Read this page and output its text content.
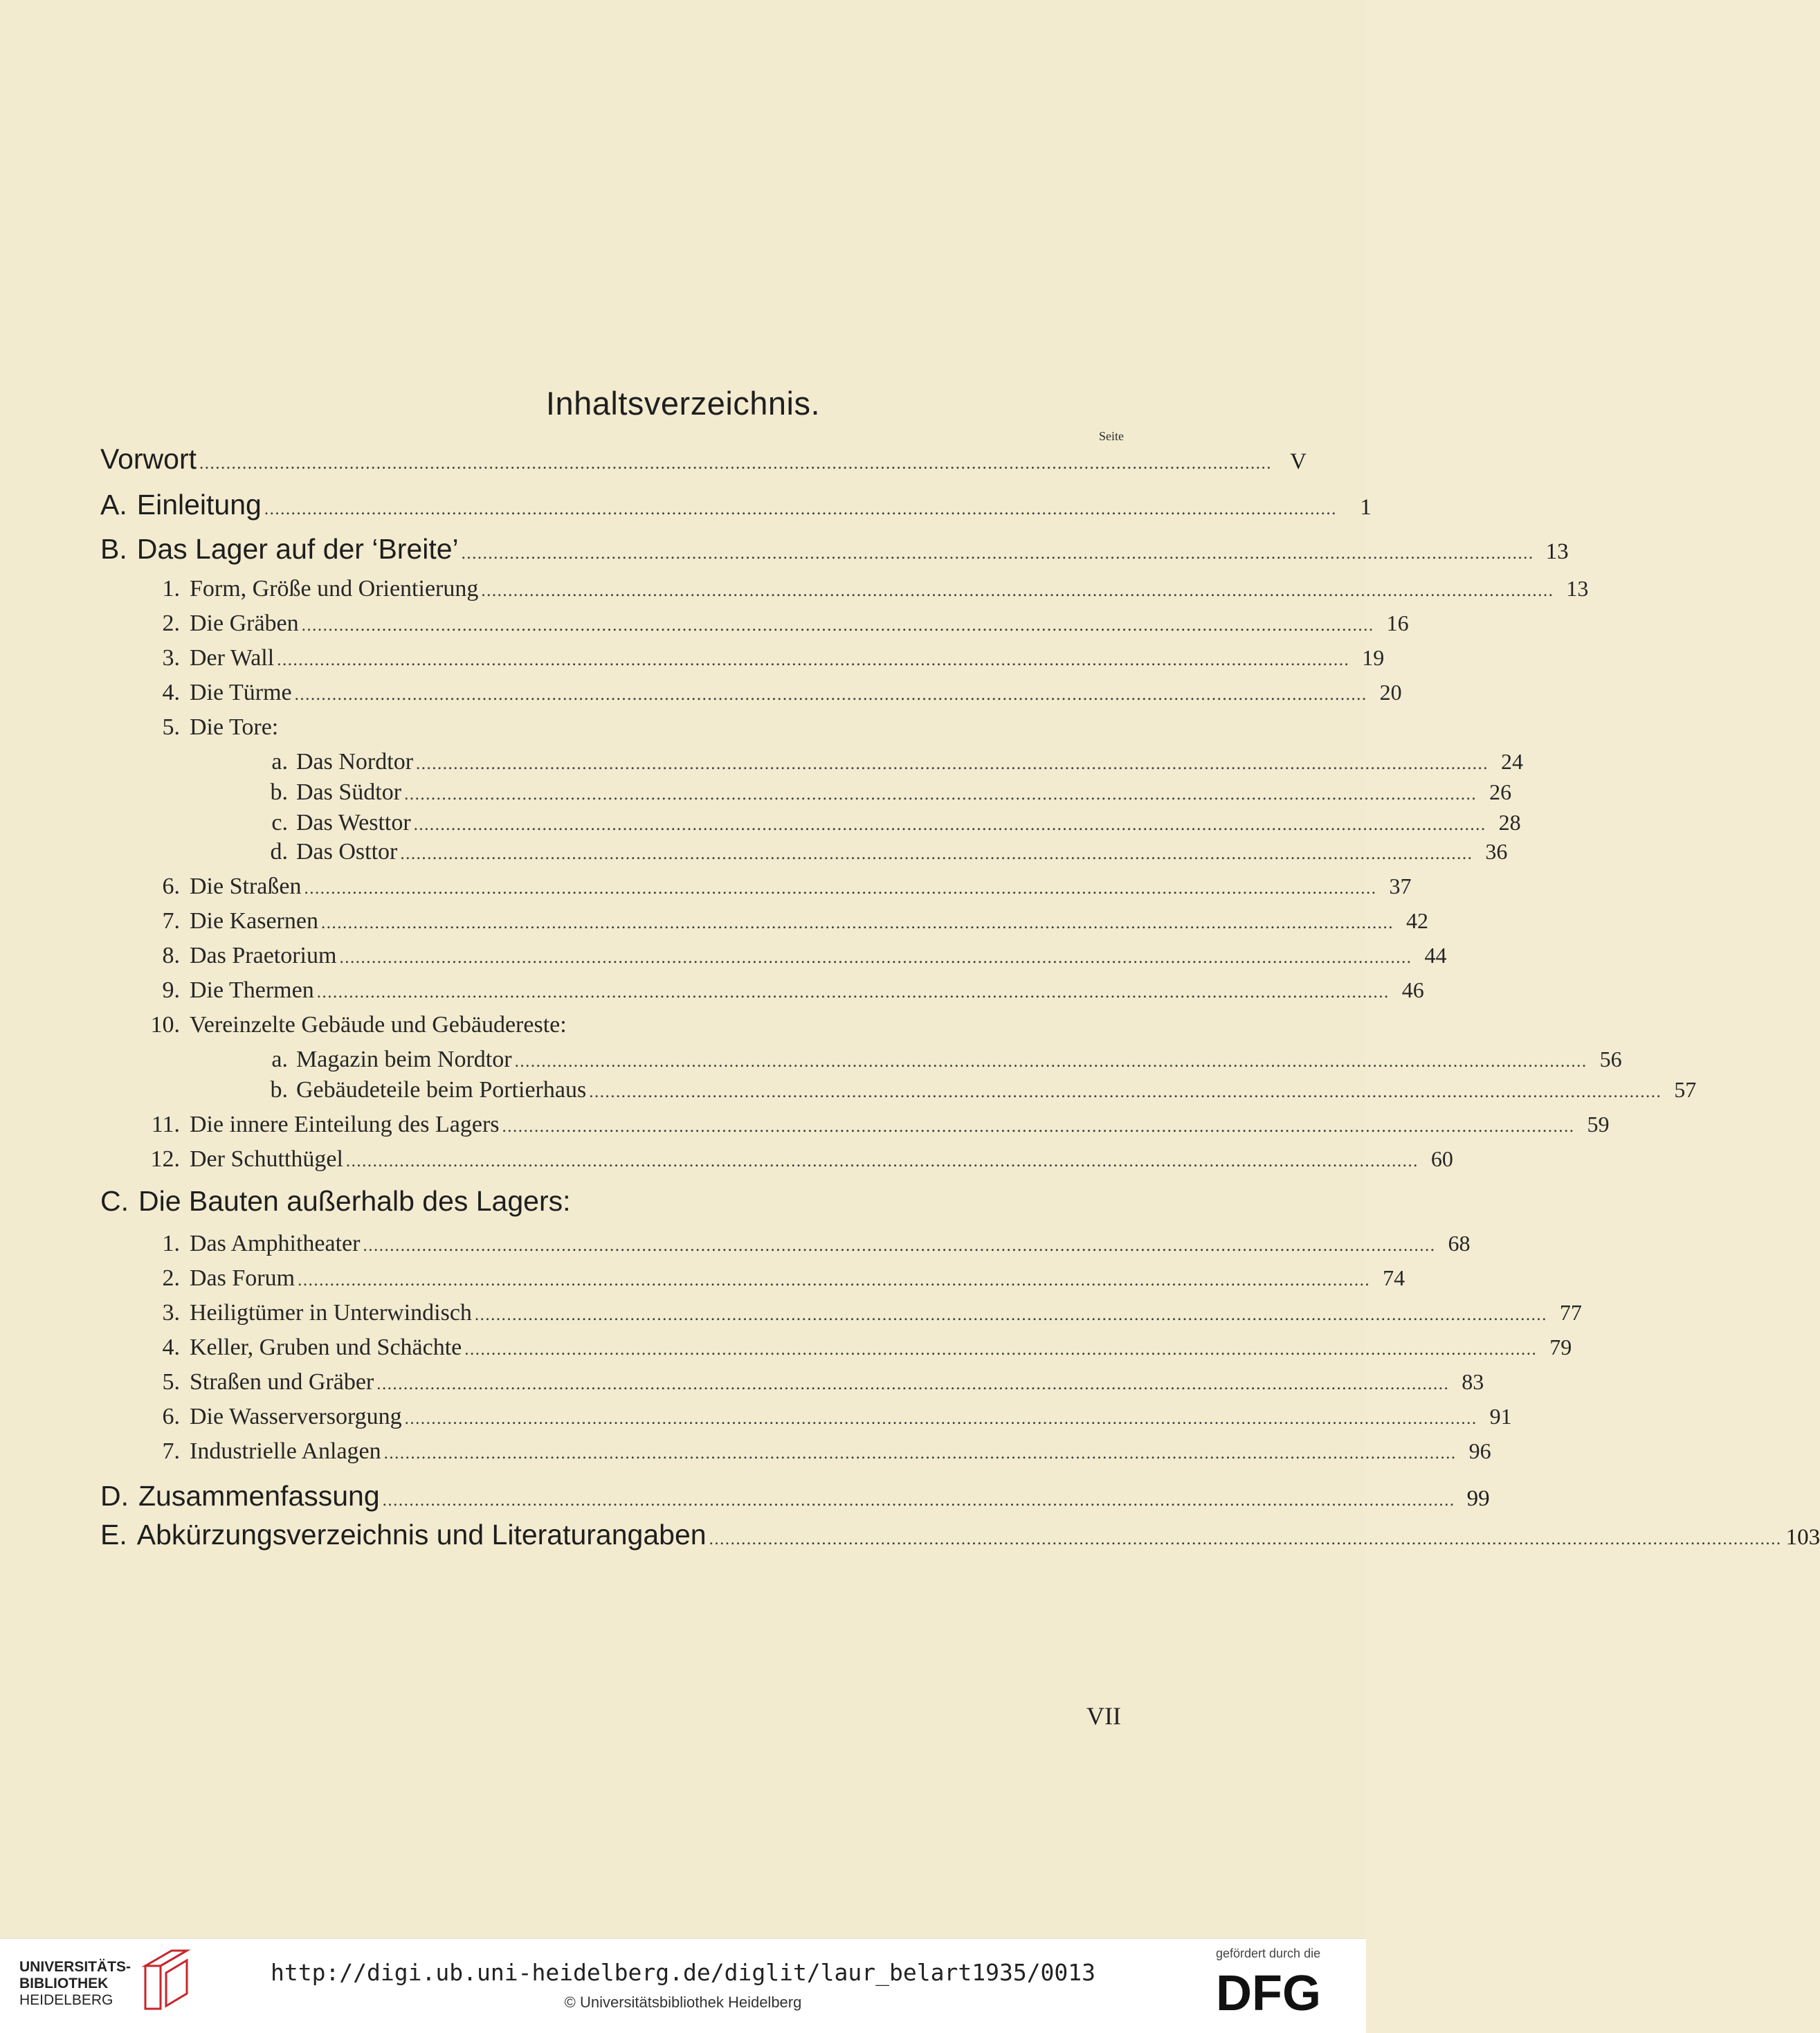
Inhaltsverzeichnis.
Seite
Vorwort ........................................................................................................................................................................................................ V
A. Einleitung ........................................................................................................................................................................................................	1
B. Das Lager auf der ‘Breite’ ........................................................................................................................................................................................................ 13
1. Form, Größe und Orientierung ........................................................................................................................................................................................................ 13
2. Die Gräben ........................................................................................................................................................................................................ 16
3. Der Wall ........................................................................................................................................................................................................ 19
4. Die Türme ........................................................................................................................................................................................................ 20
5. Die Tore:
a. Das Nordtor ........................................................................................................................................................................................................ 24
b. Das Südtor ........................................................................................................................................................................................................ 26
c. Das Westtor ........................................................................................................................................................................................................ 28
d. Das Osttor ........................................................................................................................................................................................................ 36
6. Die Straßen ........................................................................................................................................................................................................ 37
7. Die Kasernen ........................................................................................................................................................................................................ 42
8. Das Praetorium ........................................................................................................................................................................................................ 44
9. Die Thermen ........................................................................................................................................................................................................ 46
10. Vereinzelte Gebäude und Gebäudereste:
a. Magazin beim Nordtor ........................................................................................................................................................................................................ 56
b. Gebäudeteile beim Portierhaus ........................................................................................................................................................................................................ 57
11. Die innere Einteilung des Lagers ........................................................................................................................................................................................................ 59
12. Der Schutthügel ........................................................................................................................................................................................................ 60
C. Die Bauten außerhalb des Lagers:
1. Das Amphitheater ........................................................................................................................................................................................................ 68
2. Das Forum ........................................................................................................................................................................................................ 74
3. Heiligtümer in Unterwindisch ........................................................................................................................................................................................................ 77
4. Keller, Gruben und Schächte ........................................................................................................................................................................................................ 79
5. Straßen und Gräber ........................................................................................................................................................................................................ 83
6. Die Wasserversorgung ........................................................................................................................................................................................................ 91
7. Industrielle Anlagen ........................................................................................................................................................................................................ 96
D. Zusammenfassung ........................................................................................................................................................................................................ 99
E. Abkürzungsverzeichnis und Literaturangaben ........................................................................................................................................................................................................ 103
VII
UNIVERSITÄTS-
BIBLIOTHEK
HEIDELBERG
http://digi.ub.uni-heidelberg.de/diglit/laur_belart1935/0013
© Universitätsbibliothek Heidelberg
gefördert durch die
DFG
